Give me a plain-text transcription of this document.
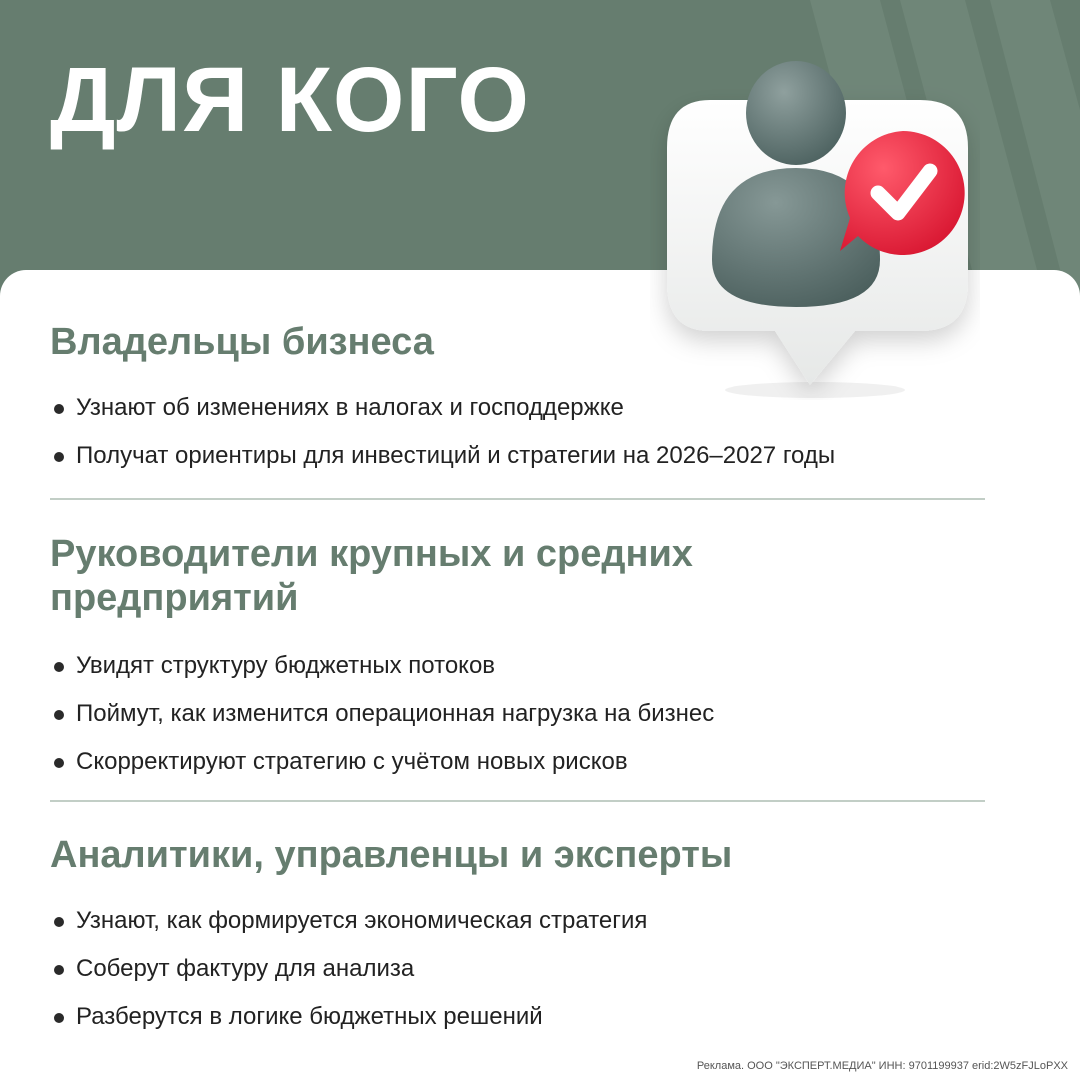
ДЛЯ КОГО
Владельцы бизнеса
Узнают об изменениях в налогах и господдержке
Получат ориентиры для инвестиций и стратегии на 2026–2027 годы
Руководители крупных и средних
предприятий
Увидят структуру бюджетных потоков
Поймут, как изменится операционная нагрузка на бизнес
Скорректируют стратегию с учётом новых рисков
Аналитики, управленцы и эксперты
Узнают, как формируется экономическая стратегия
Соберут фактуру для анализа
Разберутся в логике бюджетных решений
Реклама. ООО "ЭКСПЕРТ.МЕДИА" ИНН: 9701199937 erid:2W5zFJLoPXX
